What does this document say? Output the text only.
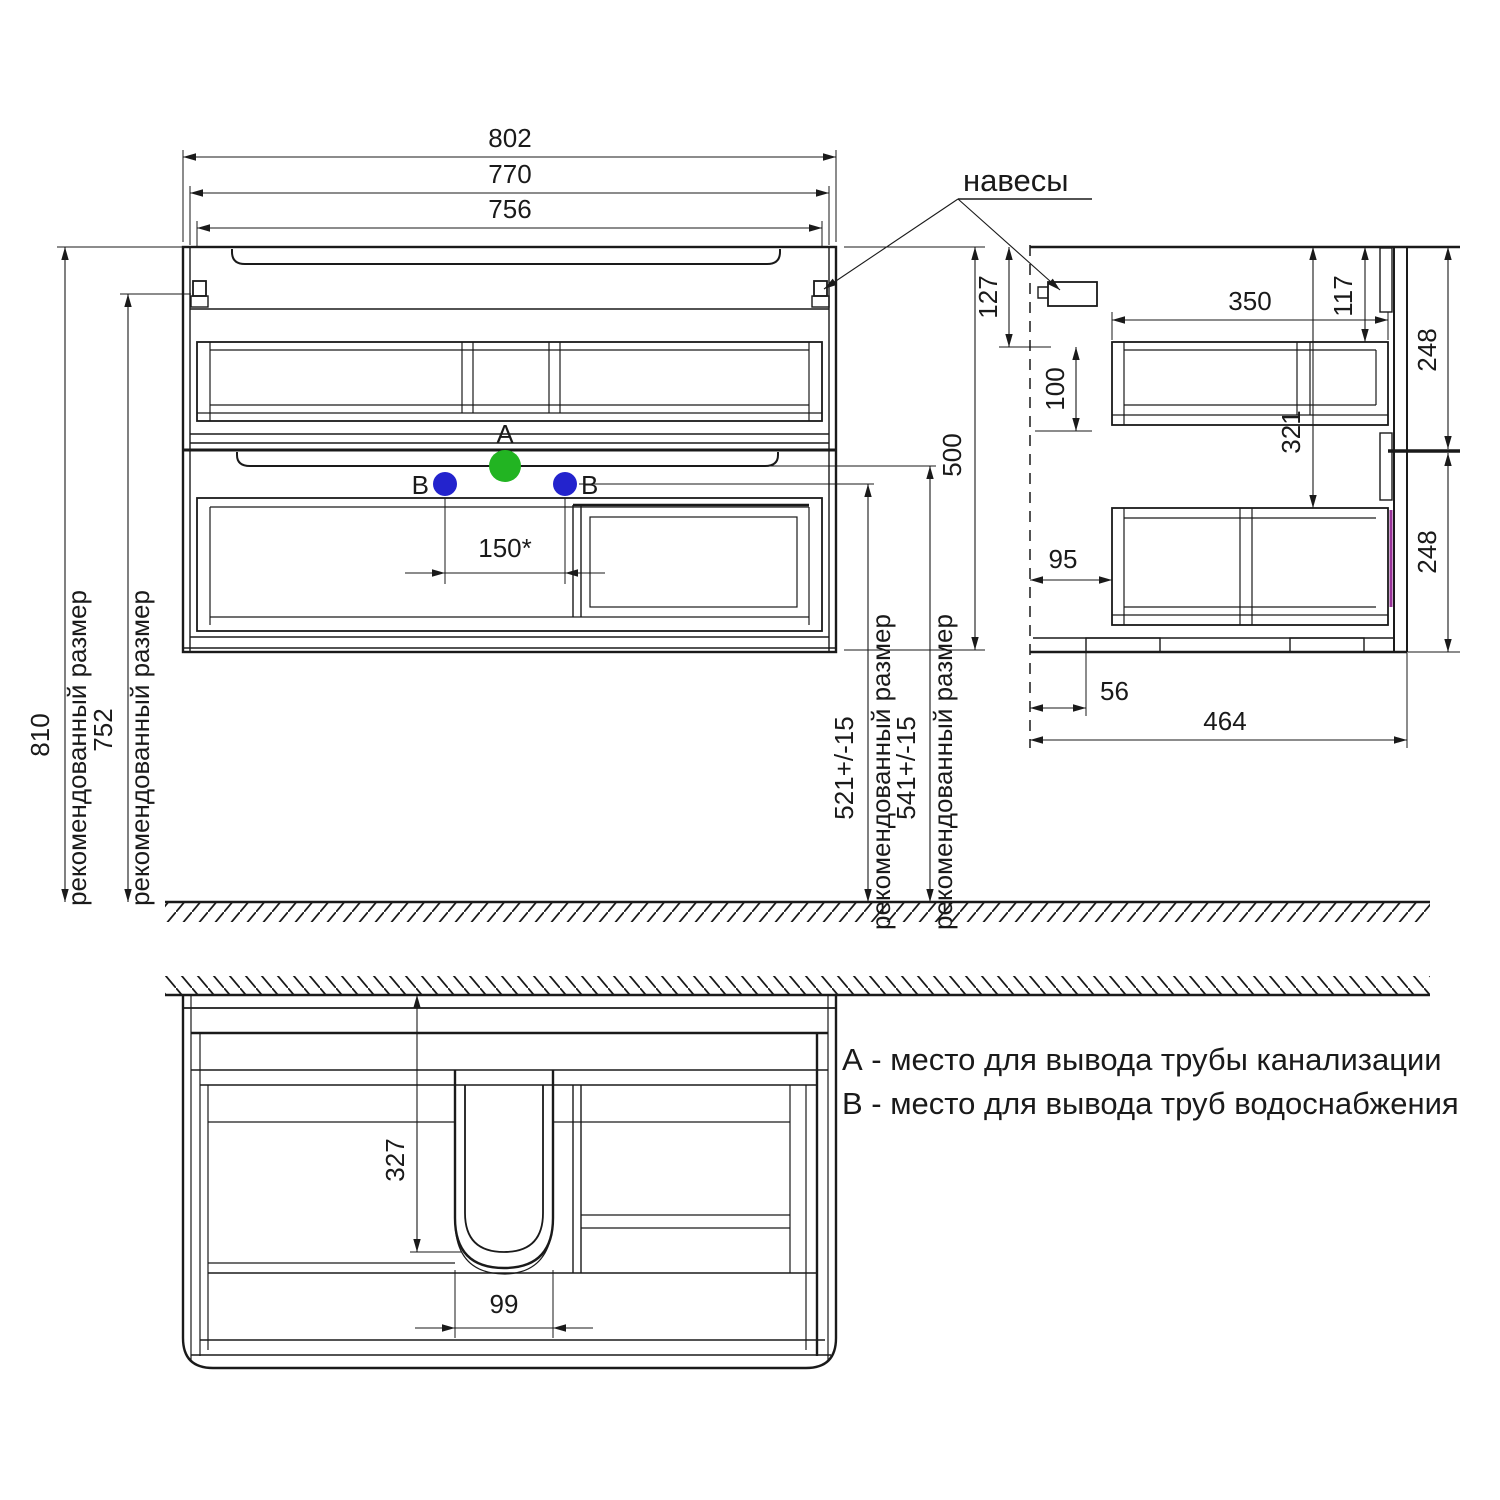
А
В	В
802
770
756
150*
810 рекомендованный размер
752 рекомендованный размер	521+/-15 рекомендованный размер
541+/-15 рекомендованный размер
500
навесы
127
100
350 117
321
248
248
95
56
464
327
99
А - место для вывода трубы канализации
В - место для вывода труб водоснабжения
